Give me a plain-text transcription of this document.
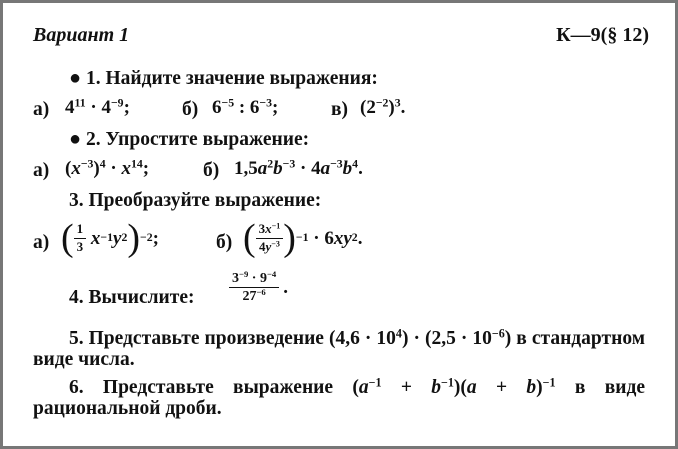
Вариант 1	К—9(§ 12)
● 1. Найдите значение выражения:
а) $4^{11} \cdot 4^{-9}$;	б) $6^{-5}$ : $6^{-3}$;	в) $(2^{-2})^3$.
● 2. Упростите выражение:
а) $(x^{-3})^4 \cdot x^{14}$;	б) $1,5a^2b^{-3} \cdot 4a^{-3}b^4$.
3. Преобразуйте выражение:
а) ( $\frac{1}{3}$
x −1 y 2 ) −2 ;	б) ( $\frac{3x^{-1}}{4y^{-3}}$ ) −1 · 6 xy 2 .
4. Вычислите: $\frac{3^{-9} \cdot 9^{-4}}{27^{-6}}$ .
5. Представьте произведение $(4,6 \cdot 10^4) \cdot (2,5 \cdot 10^{-6})$ в стандартном виде числа.
6. Представьте выражение $(a^{-1} + b^{-1})(a + b)^{-1}$ в виде рациональной дроби.
